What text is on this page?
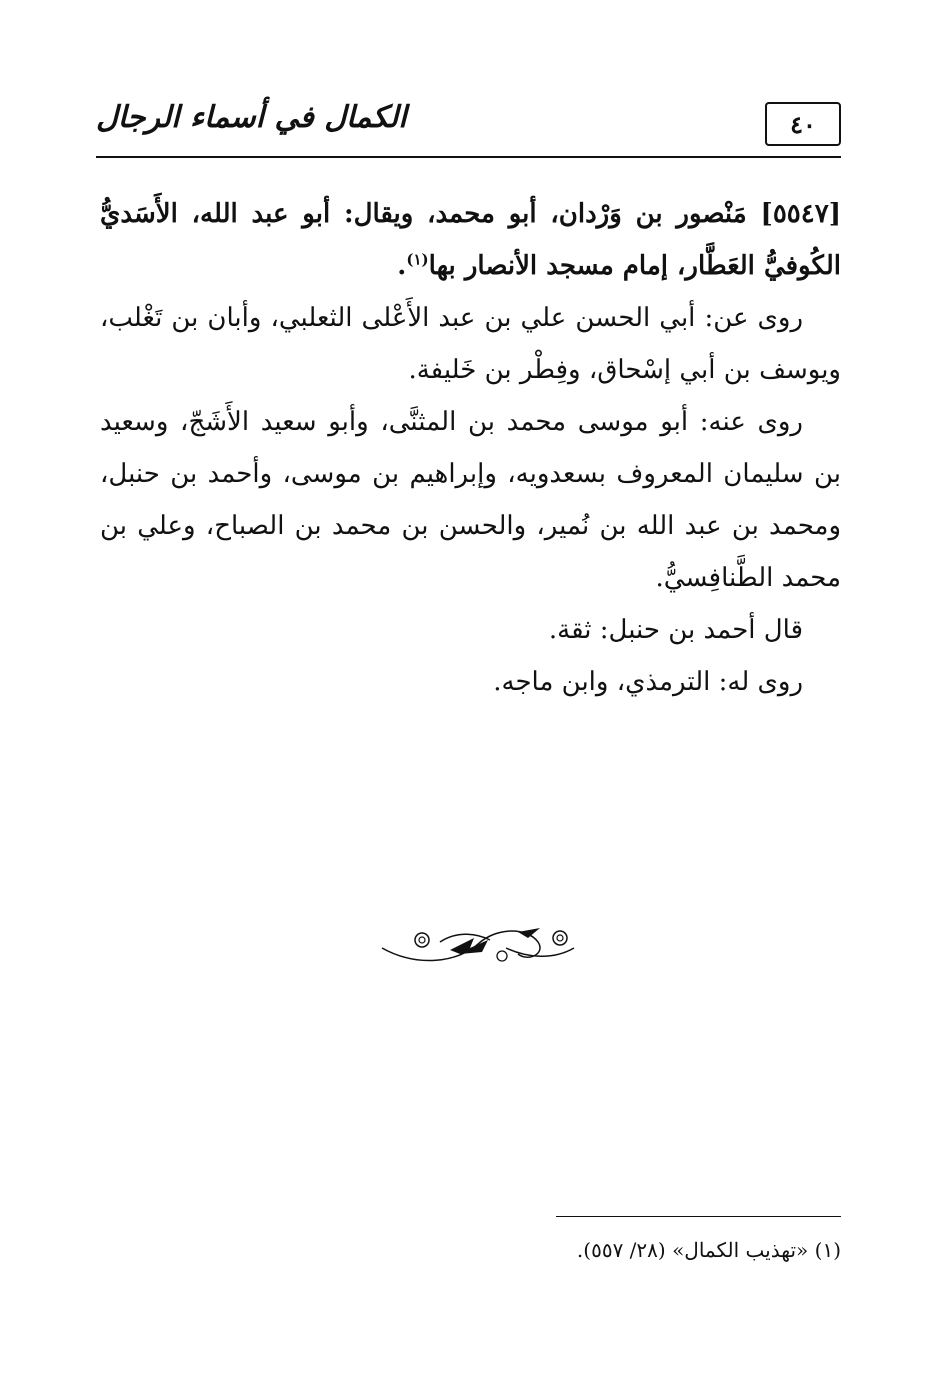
٤٠
الكمال في أسماء الرجال

[٥٥٤٧] مَنْصور بن وَرْدان، أبو محمد، ويقال: أبو عبد الله، الأَسَديُّ الكُوفيُّ العَطَّار، إمام مسجد الأنصار بها$^{(١)}$.

روى عن: أبي الحسن علي بن عبد الأَعْلى الثعلبي، وأبان بن تَغْلب، ويوسف بن أبي إسْحاق، وفِطْر بن خَليفة.

روى عنه: أبو موسى محمد بن المثنَّى، وأبو سعيد الأَشَجّ، وسعيد بن سليمان المعروف بسعدويه، وإبراهيم بن موسى، وأحمد بن حنبل، ومحمد بن عبد الله بن نُمير، والحسن بن محمد بن الصباح، وعلي بن محمد الطَّنافِسيُّ.

قال أحمد بن حنبل: ثقة.

روى له: الترمذي، وابن ماجه.

(١) «تهذيب الكمال» (٢٨/ ٥٥٧).
